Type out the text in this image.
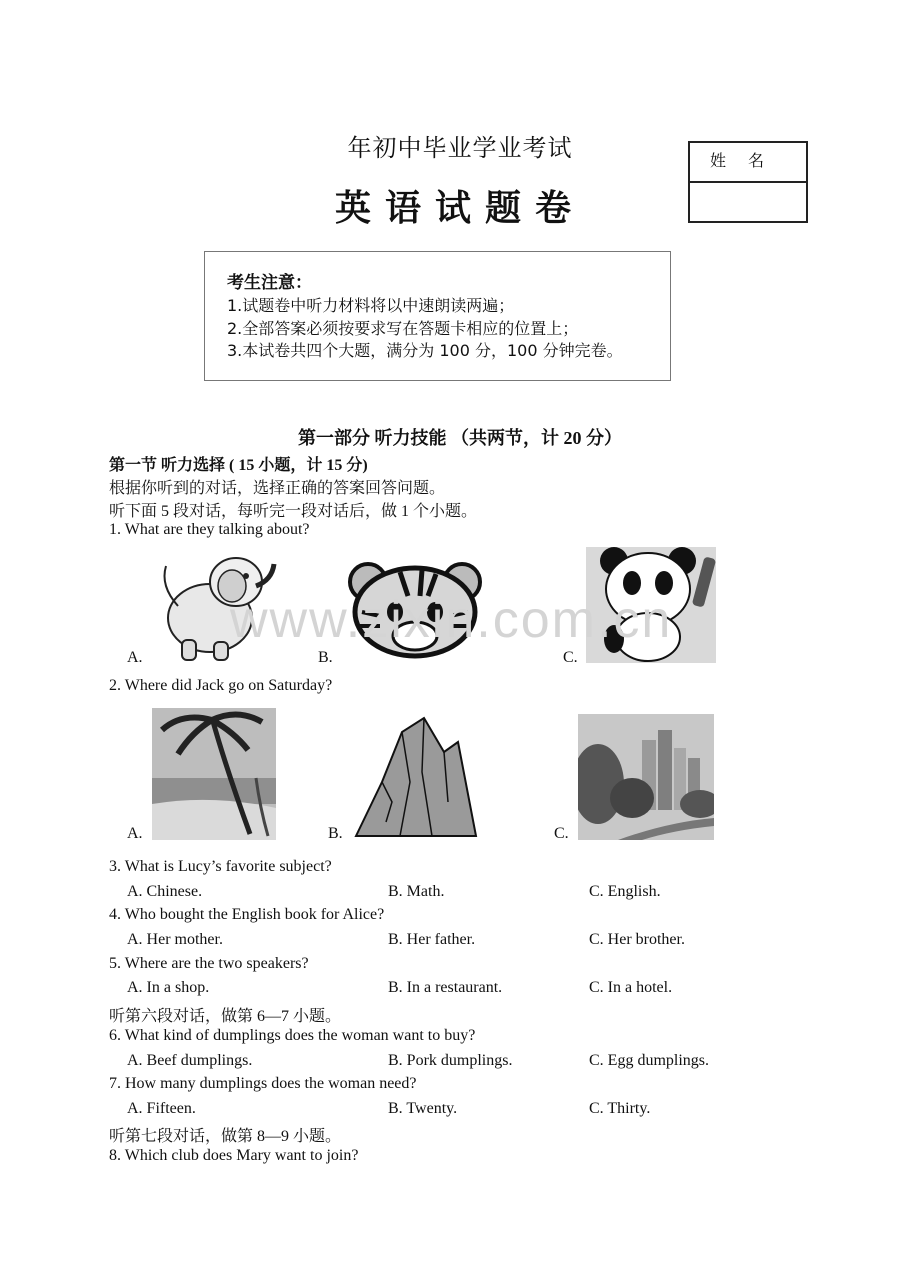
年初中毕业学业考试
英语试题卷
姓名
考生注意：
1.试题卷中听力材料将以中速朗读两遍；
2.全部答案必须按要求写在答题卡相应的位置上；
3.本试卷共四个大题，满分为 100 分，100 分钟完卷。
第一部分 听力技能 （共两节，计 20 分）
第一节 听力选择 ( 15 小题，计 15 分)
根据你听到的对话，选择正确的答案回答问题。
听下面 5 段对话，每听完一段对话后，做 1 个小题。
1. What are they talking about?
A.	B.	C.
www.zixin.com.cn
2. Where did Jack go on Saturday?
A.	B.	C.
3. What is Lucy’s favorite subject?
A. Chinese.	B. Math.	C. English.
4. Who bought the English book for Alice?
A. Her mother.	B. Her father.	C. Her brother.
5. Where are the two speakers?
A. In a shop.	B. In a restaurant.	C. In a hotel.
听第六段对话，做第 6—7 小题。
6. What kind of dumplings does the woman want to buy?
A. Beef dumplings.	B. Pork dumplings.	C. Egg dumplings.
7. How many dumplings does the woman need?
A. Fifteen.	B. Twenty.	C. Thirty.
听第七段对话，做第 8—9 小题。
8. Which club does Mary want to join?
